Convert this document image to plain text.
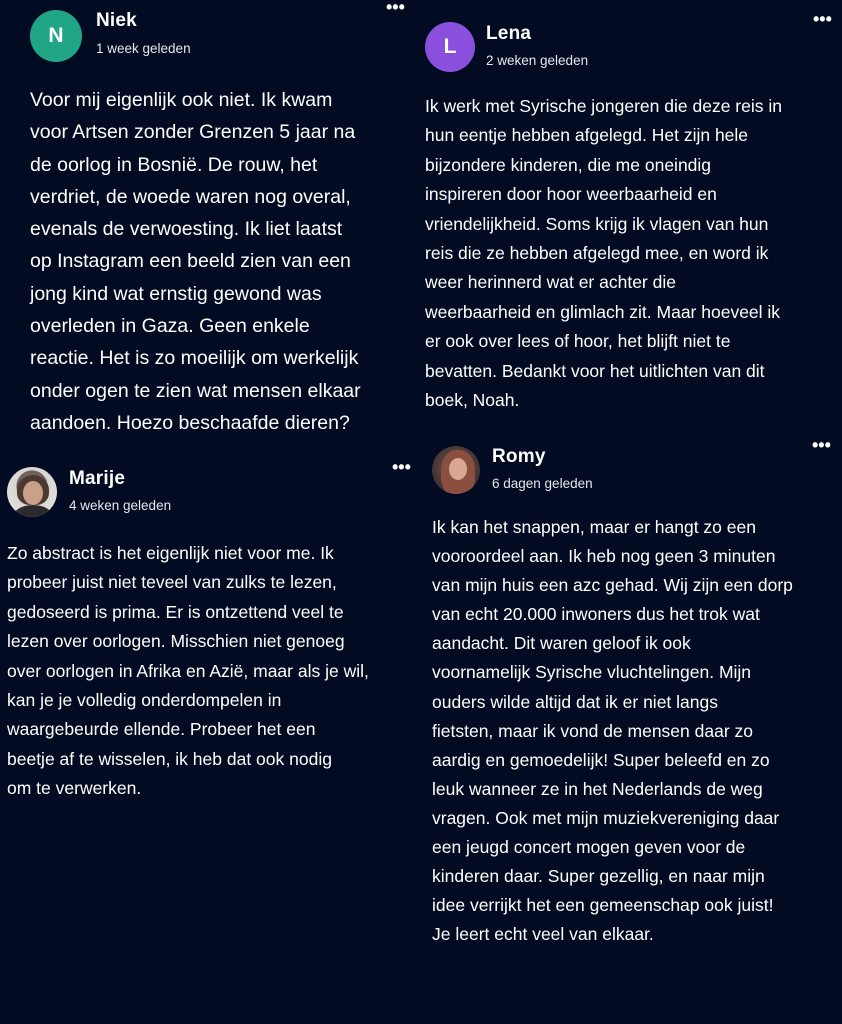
N
Niek
1 week geleden
•••
Voor mij eigenlijk ook niet. Ik kwam
voor Artsen zonder Grenzen 5 jaar na
de oorlog in Bosnië. De rouw, het
verdriet, de woede waren nog overal,
evenals de verwoesting. Ik liet laatst
op Instagram een beeld zien van een
jong kind wat ernstig gewond was
overleden in Gaza. Geen enkele
reactie. Het is zo moeilijk om werkelijk
onder ogen te zien wat mensen elkaar
aandoen. Hoezo beschaafde dieren?
L
Lena
2 weken geleden
•••
Ik werk met Syrische jongeren die deze reis in
hun eentje hebben afgelegd. Het zijn hele
bijzondere kinderen, die me oneindig
inspireren door hoor weerbaarheid en
vriendelijkheid. Soms krijg ik vlagen van hun
reis die ze hebben afgelegd mee, en word ik
weer herinnerd wat er achter die
weerbaarheid en glimlach zit. Maar hoeveel ik
er ook over lees of hoor, het blijft niet te
bevatten. Bedankt voor het uitlichten van dit
boek, Noah.
Marije
4 weken geleden
•••
Zo abstract is het eigenlijk niet voor me. Ik
probeer juist niet teveel van zulks te lezen,
gedoseerd is prima. Er is ontzettend veel te
lezen over oorlogen. Misschien niet genoeg
over oorlogen in Afrika en Azië, maar als je wil,
kan je je volledig onderdompelen in
waargebeurde ellende. Probeer het een
beetje af te wisselen, ik heb dat ook nodig
om te verwerken.
Romy
6 dagen geleden
•••
Ik kan het snappen, maar er hangt zo een
vooroordeel aan. Ik heb nog geen 3 minuten
van mijn huis een azc gehad. Wij zijn een dorp
van echt 20.000 inwoners dus het trok wat
aandacht. Dit waren geloof ik ook
voornamelijk Syrische vluchtelingen. Mijn
ouders wilde altijd dat ik er niet langs
fietsten, maar ik vond de mensen daar zo
aardig en gemoedelijk! Super beleefd en zo
leuk wanneer ze in het Nederlands de weg
vragen. Ook met mijn muziekvereniging daar
een jeugd concert mogen geven voor de
kinderen daar. Super gezellig, en naar mijn
idee verrijkt het een gemeenschap ook juist!
Je leert echt veel van elkaar.
